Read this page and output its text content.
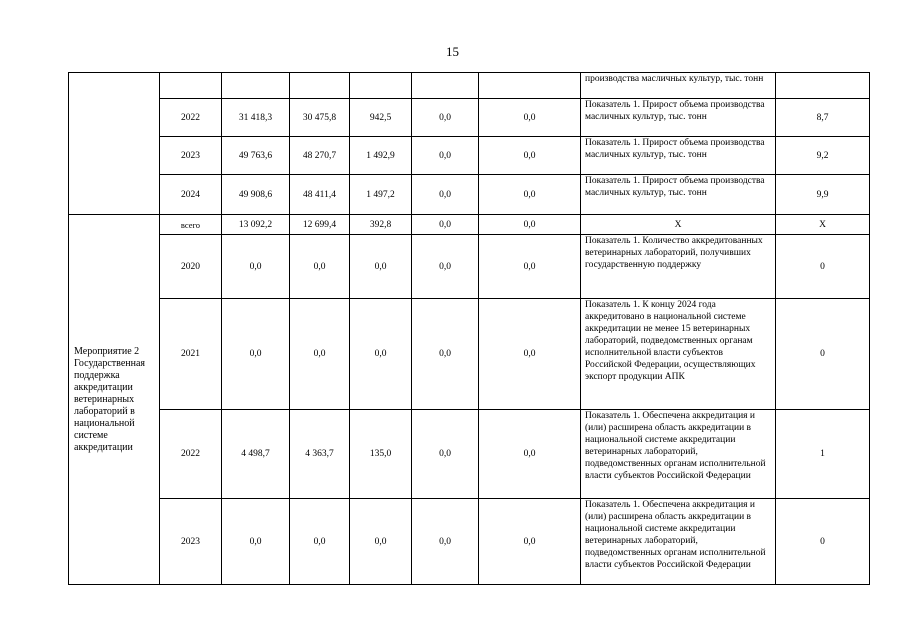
15
							производства масличных культур, тыс. тонн	
	2022	31 418,3	30 475,8	942,5	0,0	0,0	Показатель 1. Прирост объема производства масличных культур, тыс. тонн	8,7
	2023	49 763,6	48 270,7	1 492,9	0,0	0,0	Показатель 1. Прирост объема производства масличных культур, тыс. тонн	9,2
	2024	49 908,6	48 411,4	1 497,2	0,0	0,0	Показатель 1. Прирост объема производства масличных культур, тыс. тонн	9,9
Мероприятие 2 Государственная поддержка аккредитации ветеринарных лабораторий в национальной системе аккредитации	всего	13 092,2	12 699,4	392,8	0,0	0,0	Х	Х
	2020	0,0	0,0	0,0	0,0	0,0	Показатель 1. Количество аккредитованных ветеринарных лабораторий, получивших государственную поддержку	0
	2021	0,0	0,0	0,0	0,0	0,0	Показатель 1. К концу 2024 года аккредитовано в национальной системе аккредитации не менее 15 ветеринарных лабораторий, подведомственных органам исполнительной власти субъектов Российской Федерации, осуществляющих экспорт продукции АПК	0
	2022	4 498,7	4 363,7	135,0	0,0	0,0	Показатель 1. Обеспечена аккредитация и (или) расширена область аккредитации в национальной системе аккредитации ветеринарных лабораторий, подведомственных органам исполнительной власти субъектов Российской Федерации	1
	2023	0,0	0,0	0,0	0,0	0,0	Показатель 1. Обеспечена аккредитация и (или) расширена область аккредитации в национальной системе аккредитации ветеринарных лабораторий, подведомственных органам исполнительной власти субъектов Российской Федерации	0
